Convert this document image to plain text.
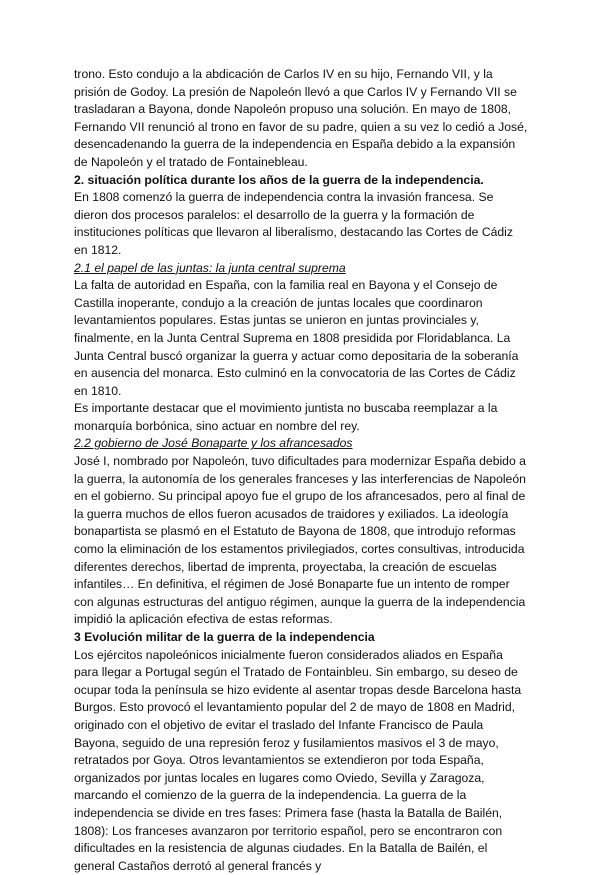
trono. Esto condujo a la abdicación de Carlos IV en su hijo, Fernando VII, y la prisión de Godoy. La presión de Napoleón llevó a que Carlos IV y Fernando VII se trasladaran a Bayona, donde Napoleón propuso una solución. En mayo de 1808, Fernando VII renunció al trono en favor de su padre, quien a su vez lo cedió a José, desencadenando la guerra de la independencia en España debido a la expansión de Napoleón y el tratado de Fontainebleau.

2. situación política durante los años de la guerra de la independencia.

En 1808 comenzó la guerra de independencia contra la invasión francesa. Se dieron dos procesos paralelos: el desarrollo de la guerra y la formación de instituciones políticas que llevaron al liberalismo, destacando las Cortes de Cádiz en 1812.

2.1 el papel de las juntas: la junta central suprema

La falta de autoridad en España, con la familia real en Bayona y el Consejo de Castilla inoperante, condujo a la creación de juntas locales que coordinaron levantamientos populares. Estas juntas se unieron en juntas provinciales y, finalmente, en la Junta Central Suprema en 1808 presidida por Floridablanca. La Junta Central buscó organizar la guerra y actuar como depositaria de la soberanía en ausencia del monarca. Esto culminó en la convocatoria de las Cortes de Cádiz en 1810.

Es importante destacar que el movimiento juntista no buscaba reemplazar a la monarquía borbónica, sino actuar en nombre del rey.

2.2 gobierno de José Bonaparte y los afrancesados

José I, nombrado por Napoleón, tuvo dificultades para modernizar España debido a la guerra, la autonomía de los generales franceses y las interferencias de Napoleón en el gobierno. Su principal apoyo fue el grupo de los afrancesados, pero al final de la guerra muchos de ellos fueron acusados de traidores y exiliados. La ideología bonapartista se plasmó en el Estatuto de Bayona de 1808, que introdujo reformas como la eliminación de los estamentos privilegiados, cortes consultivas, introducida diferentes derechos, libertad de imprenta, proyectaba, la creación de escuelas infantiles… En definitiva, el régimen de José Bonaparte fue un intento de romper con algunas estructuras del antiguo régimen, aunque la guerra de la independencia impidió la aplicación efectiva de estas reformas.

3 Evolución militar de la guerra de la independencia

Los ejércitos napoleónicos inicialmente fueron considerados aliados en España para llegar a Portugal según el Tratado de Fontainbleu. Sin embargo, su deseo de ocupar toda la península se hizo evidente al asentar tropas desde Barcelona hasta Burgos. Esto provocó el levantamiento popular del 2 de mayo de 1808 en Madrid, originado con el objetivo de evitar el traslado del Infante Francisco de Paula Bayona, seguido de una represión feroz y fusilamientos masivos el 3 de mayo, retratados por Goya. Otros levantamientos se extendieron por toda España, organizados por juntas locales en lugares como Oviedo, Sevilla y Zaragoza, marcando el comienzo de la guerra de la independencia. La guerra de la independencia se divide en tres fases: Primera fase (hasta la Batalla de Bailén, 1808): Los franceses avanzaron por territorio español, pero se encontraron con dificultades en la resistencia de algunas ciudades. En la Batalla de Bailén, el general Castaños derrotó al general francés y
